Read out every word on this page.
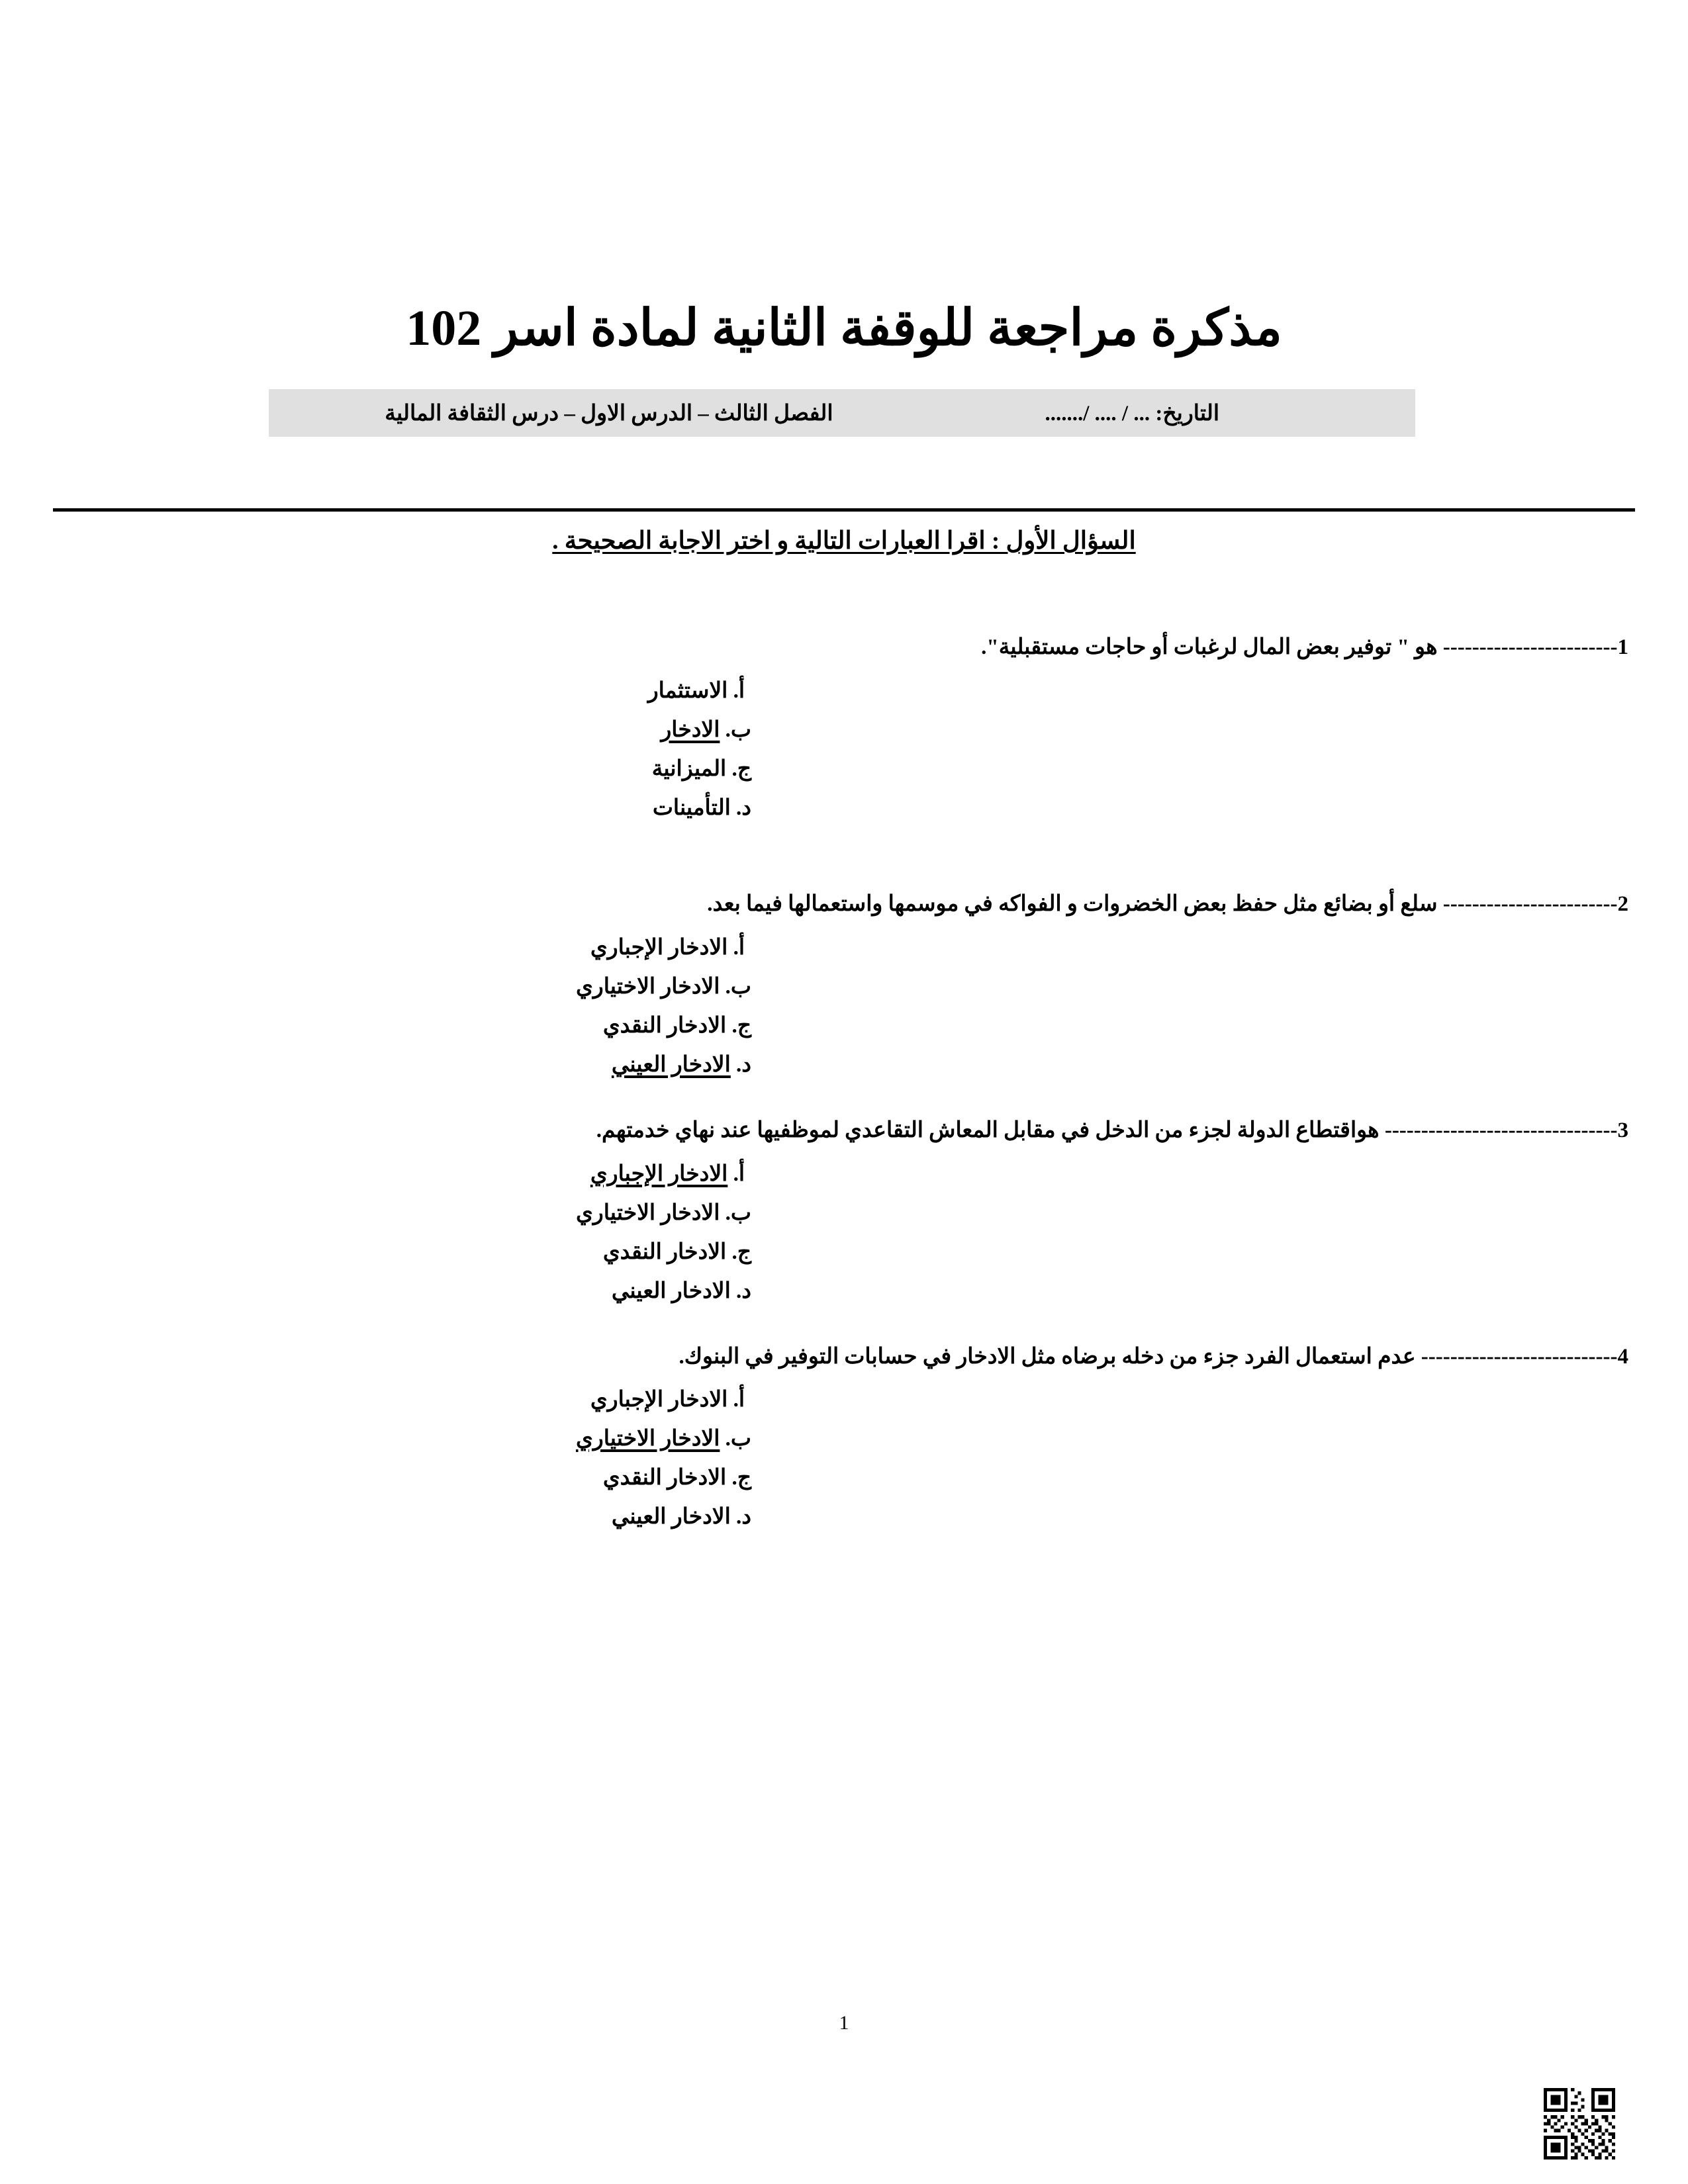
مذكرة مراجعة للوقفة الثانية لمادة اسر 102
التاريخ: ... / .... /.......
الفصل الثالث – الدرس الاول – درس الثقافة المالية
السؤال الأول : اقرا العبارات التالية و اختر الاجابة الصحيحة .
1------------------------ هو " توفير بعض المال لرغبات أو حاجات مستقبلية".
أ. الاستثمار
ب. الادخار
ج. الميزانية
د. التأمينات
2------------------------ سلع أو بضائع مثل حفظ بعض الخضروات و الفواكه في موسمها واستعمالها فيما بعد.
أ. الادخار الإجباري
ب. الادخار الاختياري
ج. الادخار النقدي
د. الادخار العيني
3-------------------------------- هواقتطاع الدولة لجزء من الدخل في مقابل المعاش التقاعدي لموظفيها عند نهاي خدمتهم.
أ. الادخار الإجباري
ب. الادخار الاختياري
ج. الادخار النقدي
د. الادخار العيني
4--------------------------- عدم استعمال الفرد جزء من دخله برضاه مثل الادخار في حسابات التوفير في البنوك.
أ. الادخار الإجباري
ب. الادخار الاختياري
ج. الادخار النقدي
د. الادخار العيني
1
